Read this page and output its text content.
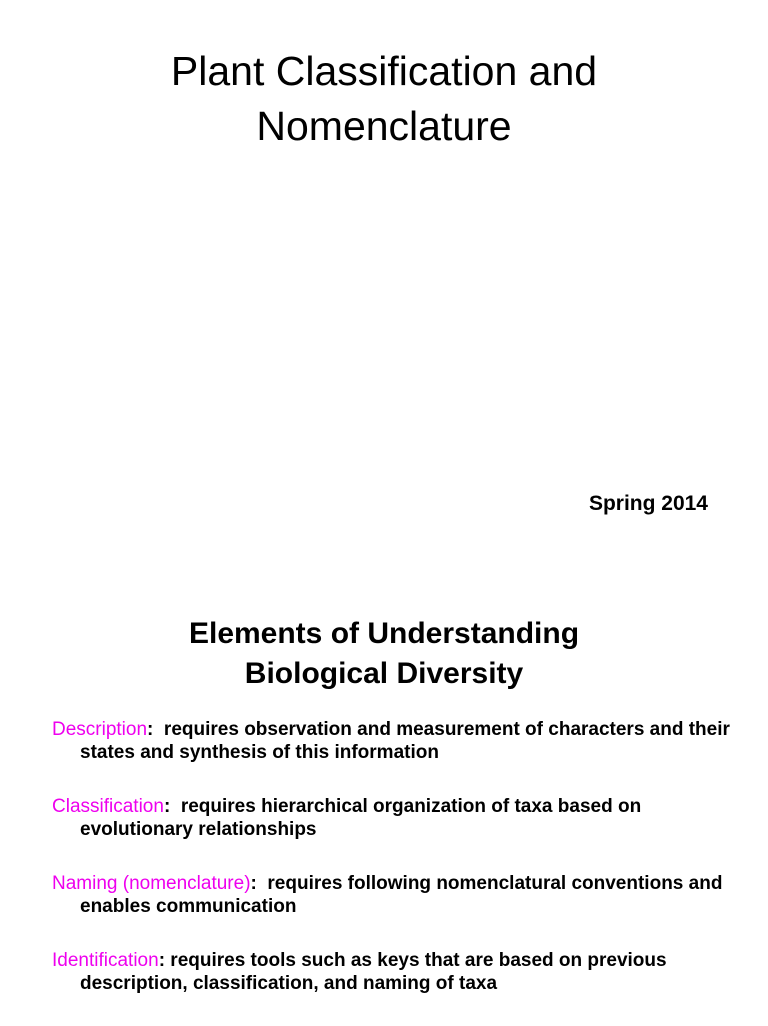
Plant Classification and
Nomenclature
Spring 2014
Elements of Understanding
Biological Diversity
Description:  requires observation and measurement of characters and their states and synthesis of this information
Classification:  requires hierarchical organization of taxa based on evolutionary relationships
Naming (nomenclature):  requires following nomenclatural conventions and enables communication
Identification: requires tools such as keys that are based on previous description, classification, and naming of taxa
